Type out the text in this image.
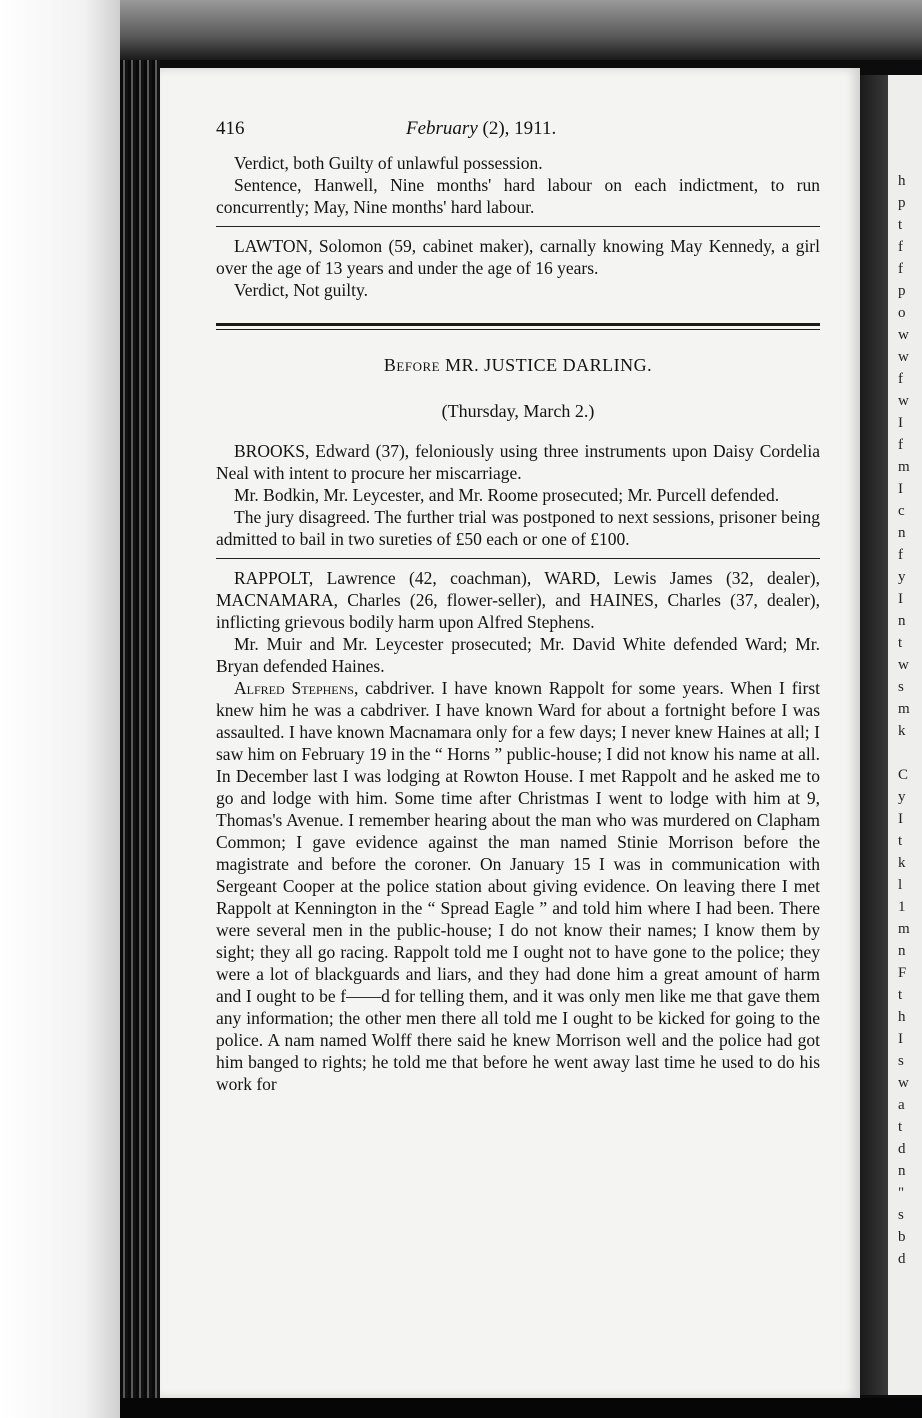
h
p
t
f
f
p
o
w
w
f
w
I
f
m
I
c
n
f
y
I
n
t
w
s
m
k

C
y
I
t
k
l
1
m
n
F
t
h
I
s
w
a
t
d
n
"
s
b
d
416	February (2), 1911.

Verdict, both Guilty of unlawful possession.

Sentence, Hanwell, Nine months' hard labour on each indictment, to run concurrently; May, Nine months' hard labour.

LAWTON, Solomon (59, cabinet maker), carnally knowing May Kennedy, a girl over the age of 13 years and under the age of 16 years.

Verdict, Not guilty.

Before MR. JUSTICE DARLING.

(Thursday, March 2.)

BROOKS, Edward (37), feloniously using three instruments upon Daisy Cordelia Neal with intent to procure her miscarriage.

Mr. Bodkin, Mr. Leycester, and Mr. Roome prosecuted; Mr. Purcell defended.

The jury disagreed. The further trial was postponed to next sessions, prisoner being admitted to bail in two sureties of £50 each or one of £100.

RAPPOLT, Lawrence (42, coachman), WARD, Lewis James (32, dealer), MACNAMARA, Charles (26, flower-seller), and HAINES, Charles (37, dealer), inflicting grievous bodily harm upon Alfred Stephens.

Mr. Muir and Mr. Leycester prosecuted; Mr. David White defended Ward; Mr. Bryan defended Haines.

Alfred Stephens, cabdriver. I have known Rappolt for some years. When I first knew him he was a cabdriver. I have known Ward for about a fortnight before I was assaulted. I have known Macnamara only for a few days; I never knew Haines at all; I saw him on February 19 in the “ Horns ” public-house; I did not know his name at all. In December last I was lodging at Rowton House. I met Rappolt and he asked me to go and lodge with him. Some time after Christmas I went to lodge with him at 9, Thomas's Avenue. I remember hearing about the man who was murdered on Clapham Common; I gave evidence against the man named Stinie Morrison before the magistrate and before the coroner. On January 15 I was in communication with Sergeant Cooper at the police station about giving evidence. On leaving there I met Rappolt at Kennington in the “ Spread Eagle ” and told him where I had been. There were several men in the public-house; I do not know their names; I know them by sight; they all go racing. Rappolt told me I ought not to have gone to the police; they were a lot of blackguards and liars, and they had done him a great amount of harm and I ought to be f——d for telling them, and it was only men like me that gave them any information; the other men there all told me I ought to be kicked for going to the police. A nam named Wolff there said he knew Morrison well and the police had got him banged to rights; he told me that before he went away last time he used to do his work for
